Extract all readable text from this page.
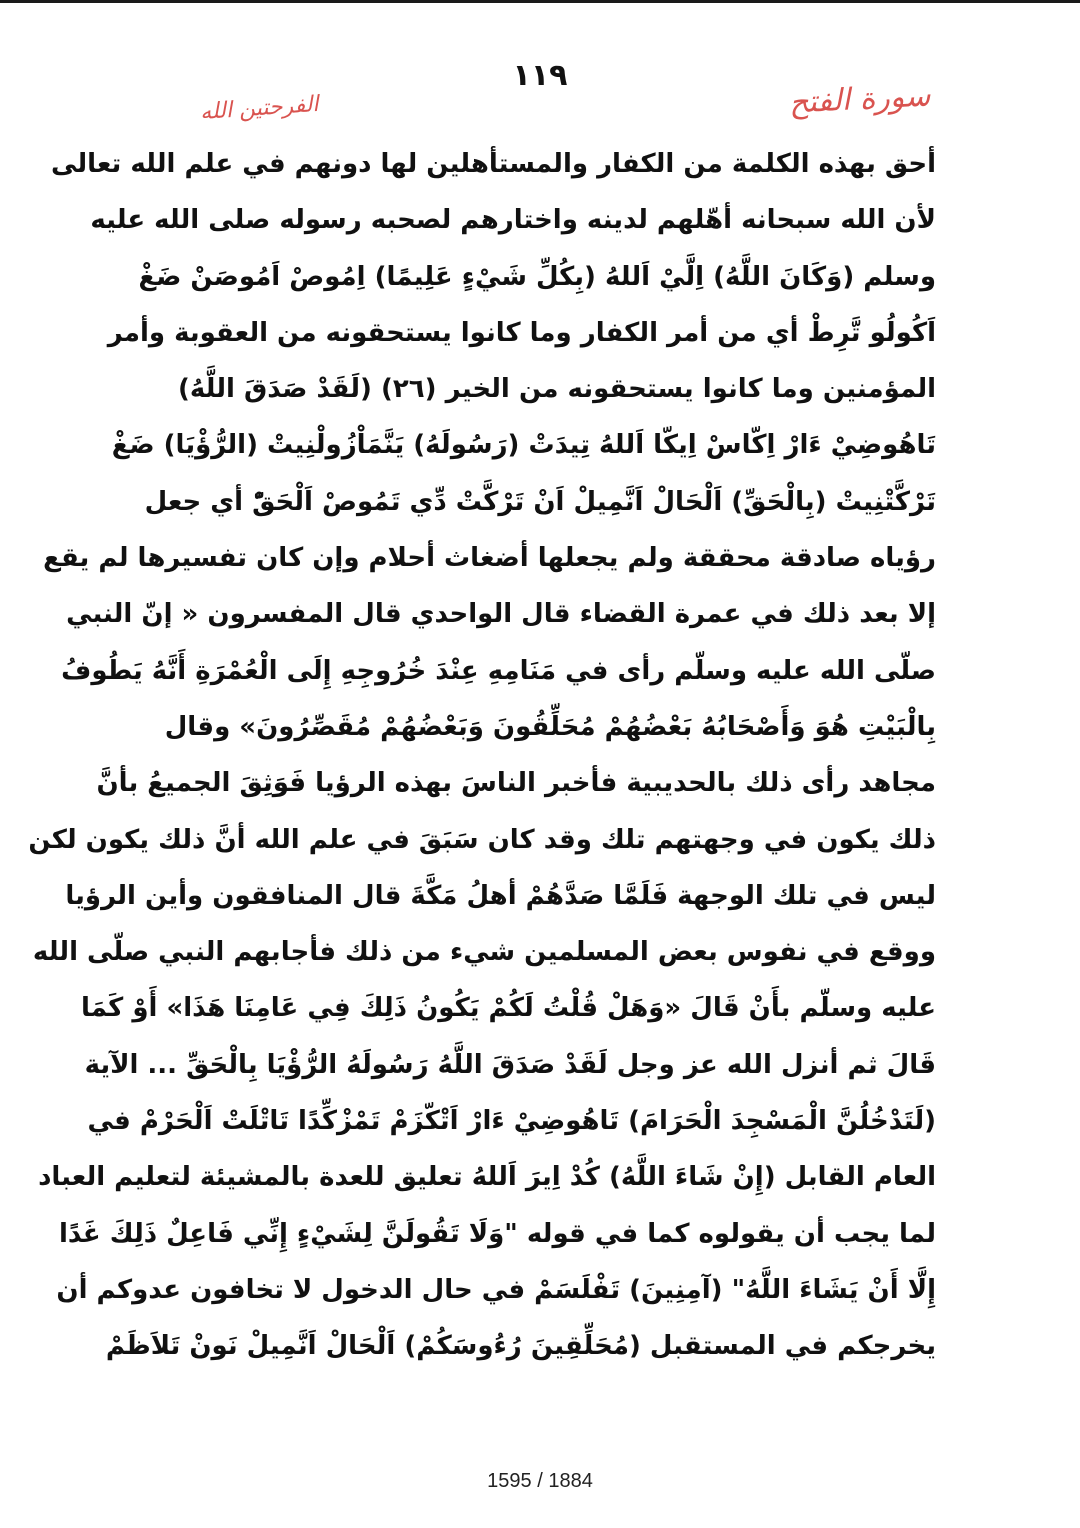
١١٩
سورة الفتح
الفرحتين الله
أحق بهذه الكلمة من الكفار والمستأهلين لها دونهم في علم الله تعالى
لأن الله سبحانه أهّلهم لدينه واختارهم لصحبه رسوله صلى الله عليه
وسلم (وَكَانَ اللَّهُ) اِلَّيْ اَللهُ (بِكُلِّ شَيْءٍ عَلِيمًا) اِمُوصْ اَمُوصَنْ ضَغْ
اَكُولُو تَّرِطْ أي من أمر الكفار وما كانوا يستحقونه من العقوبة وأمر
المؤمنين وما كانوا يستحقونه من الخير (٢٦) (لَقَدْ صَدَقَ اللَّهُ)
تَاهُوضِيْ ءَارْ اِكّاسْ اِيكّا اَللهُ تِيدَتْ (رَسُولَهُ) يَنَّمَاْزُولْنِيتْ (الرُّؤْيَا) ضَغْ
تَرْكَّتْنِيتْ (بِالْحَقِّ) اَلْحَالْ اَنَّمِيلْ اَنْ تَرْكَّتْ دِّي تَمُوصْ اَلْحَقّْ أي جعل
رؤياه صادقة محققة ولم يجعلها أضغاث أحلام وإن كان تفسيرها لم يقع
إلا بعد ذلك في عمرة القضاء قال الواحدي قال المفسرون « إنّ النبي
صلّى الله عليه وسلّم رأى في مَنَامِهِ عِنْدَ خُرُوجِهِ إِلَى الْعُمْرَةِ أَنَّهُ يَطُوفُ
بِالْبَيْتِ هُوَ وَأَصْحَابُهُ بَعْضُهُمْ مُحَلِّقُونَ وَبَعْضُهُمْ مُقَصِّرُونَ» وقال
مجاهد رأى ذلك بالحديبية فأخبر الناسَ بهذه الرؤيا فَوَثِقَ الجميعُ بأنَّ
ذلك يكون في وجهتهم تلك وقد كان سَبَقَ في علم الله أنَّ ذلك يكون لكن
ليس في تلك الوجهة فَلَمَّا صَدَّهُمْ أهلُ مَكَّةَ قال المنافقون وأين الرؤيا
ووقع في نفوس بعض المسلمين شيء من ذلك فأجابهم النبي صلّى الله
عليه وسلّم بأَنْ قَالَ «وَهَلْ قُلْتُ لَكُمْ يَكُونُ ذَلِكَ فِي عَامِنَا هَذَا» أَوْ كَمَا
قَالَ ثم أنزل الله عز وجل لَقَدْ صَدَقَ اللَّهُ رَسُولَهُ الرُّؤْيَا بِالْحَقِّ ... الآية
(لَتَدْخُلُنَّ الْمَسْجِدَ الْحَرَامَ) تَاهُوضِيْ ءَارْ اَتْكّزَمْ تَمْزْكِّدًا تَاتْلَتْ اَلْحَرْمْ في
العام القابل (إِنْ شَاءَ اللَّهُ) كُدْ اِيرَ اَللهُ تعليق للعدة بالمشيئة لتعليم العباد
لما يجب أن يقولوه كما في قوله "وَلَا تَقُولَنَّ لِشَيْءٍ إِنِّي فَاعِلٌ ذَلِكَ غَدًا
إِلَّا أَنْ يَشَاءَ اللَّهُ" (آمِنِينَ) تَفْلَسَمْ في حال الدخول لا تخافون عدوكم أن
يخرجكم في المستقبل (مُحَلِّقِينَ رُءُوسَكُمْ) اَلْحَالْ اَنَّمِيلْ نَونْ تَلاَظَمْ
1595 / 1884
